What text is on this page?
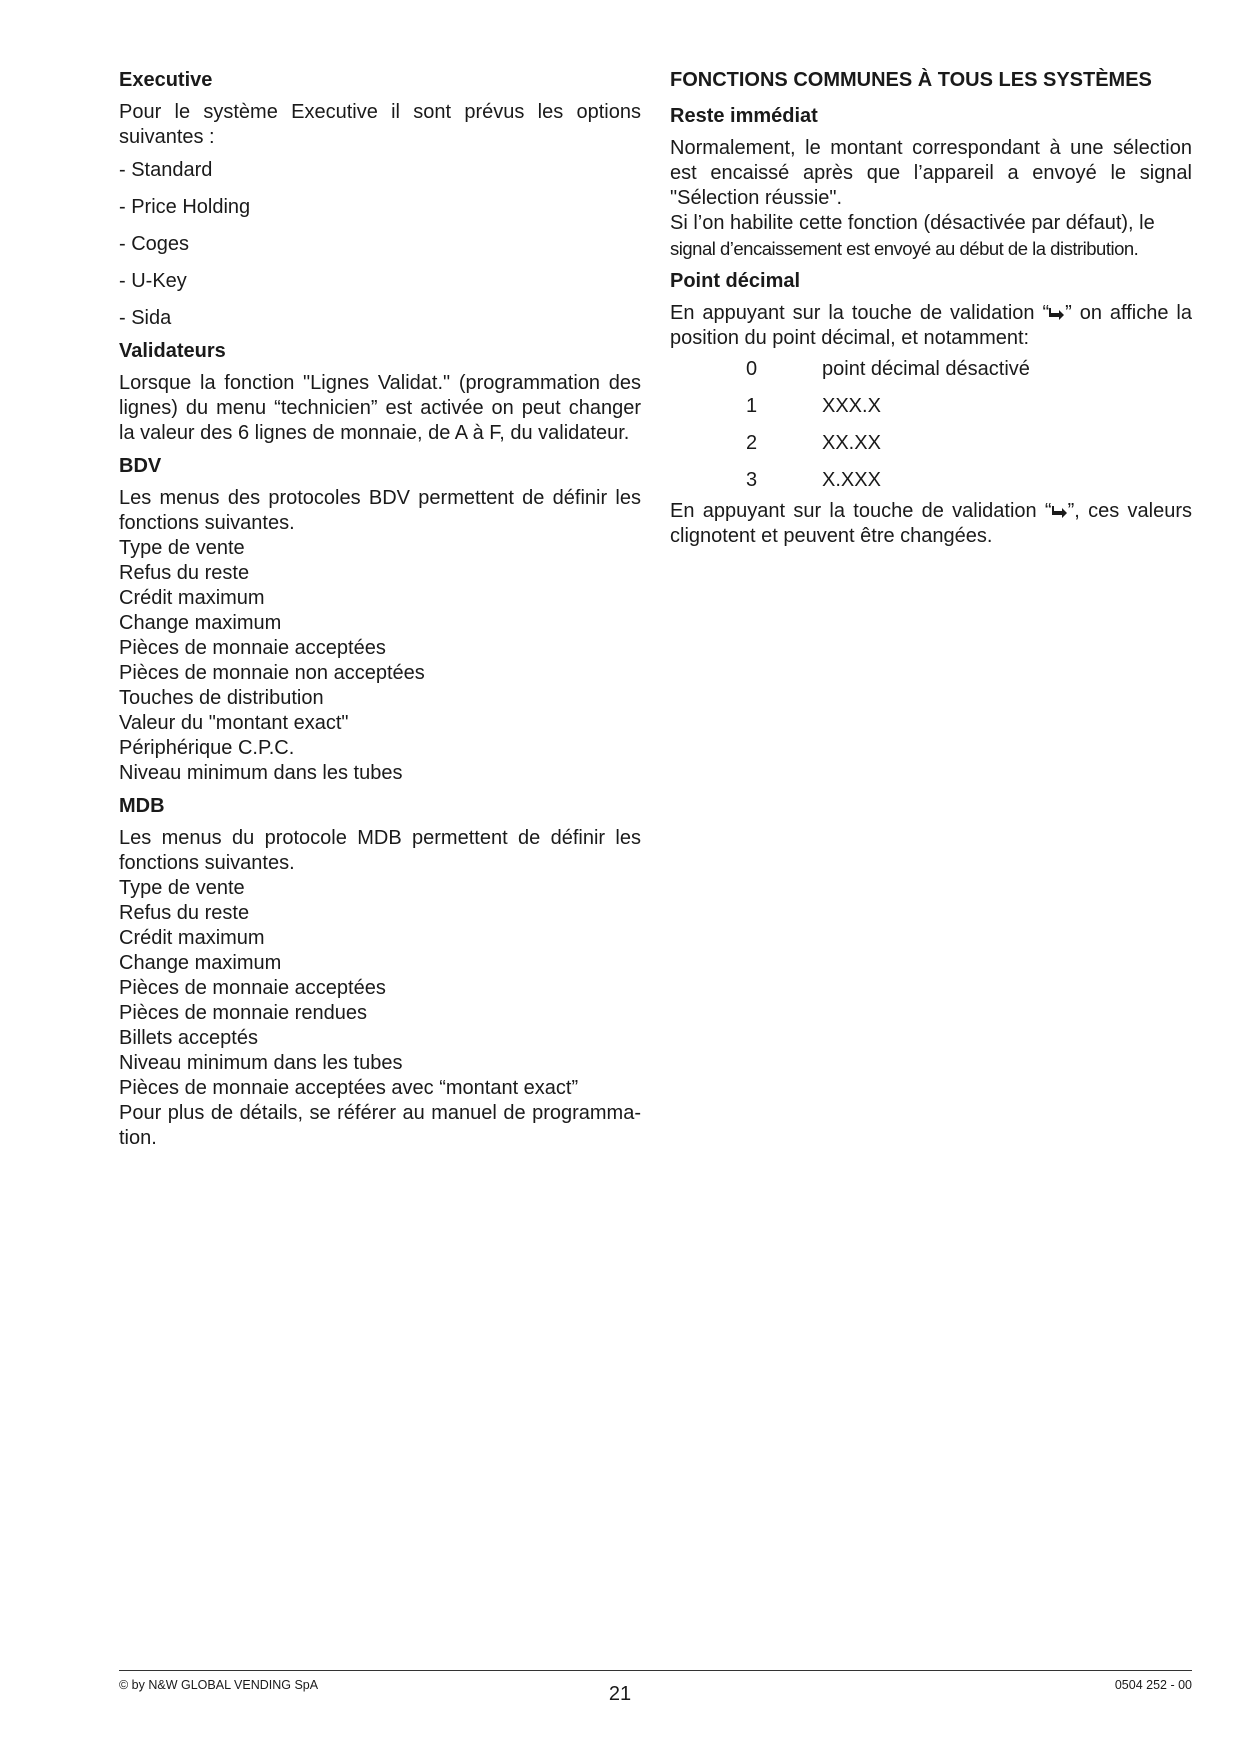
Executive

Pour le système Executive il sont prévus les options suivantes :

- Standard
- Price Holding
- Coges
- U-Key
- Sida
Validateurs

Lorsque la fonction "Lignes Validat." (programmation des lignes) du menu “technicien” est activée on peut changer la valeur des 6 lignes de monnaie, de A à F, du validateur.

BDV

Les menus des protocoles BDV permettent de définir les fonctions suivantes.

Type de vente
Refus du reste
Crédit maximum
Change maximum
Pièces de monnaie acceptées
Pièces de monnaie non acceptées
Touches de distribution
Valeur du "montant exact"
Périphérique C.P.C.
Niveau minimum dans les tubes
MDB

Les menus du protocole MDB permettent de définir les fonctions suivantes.

Type de vente
Refus du reste
Crédit maximum
Change maximum
Pièces de monnaie acceptées
Pièces de monnaie rendues
Billets acceptés
Niveau minimum dans les tubes
Pièces de monnaie acceptées avec “montant exact”

Pour plus de détails, se référer au manuel de programma-tion.

FONCTIONS COMMUNES À TOUS LES SYSTÈMES
Reste immédiat

Normalement, le montant correspondant à une sélection est encaissé après que l’appareil a envoyé le signal "Sélection réussie".

Si l’on habilite cette fonction (désactivée par défaut), le

signal d’encaissement est envoyé au début de la distribution.

Point décimal

En appuyant sur la touche de validation “ ” on affiche la position du point décimal, et notamment:

0	point décimal désactivé
1	XXX.X
2	XX.XX
3	X.XXX

En appuyant sur la touche de validation “ ”, ces valeurs clignotent et peuvent être changées.

© by N&W GLOBAL VENDING SpA	21	0504 252 - 00
